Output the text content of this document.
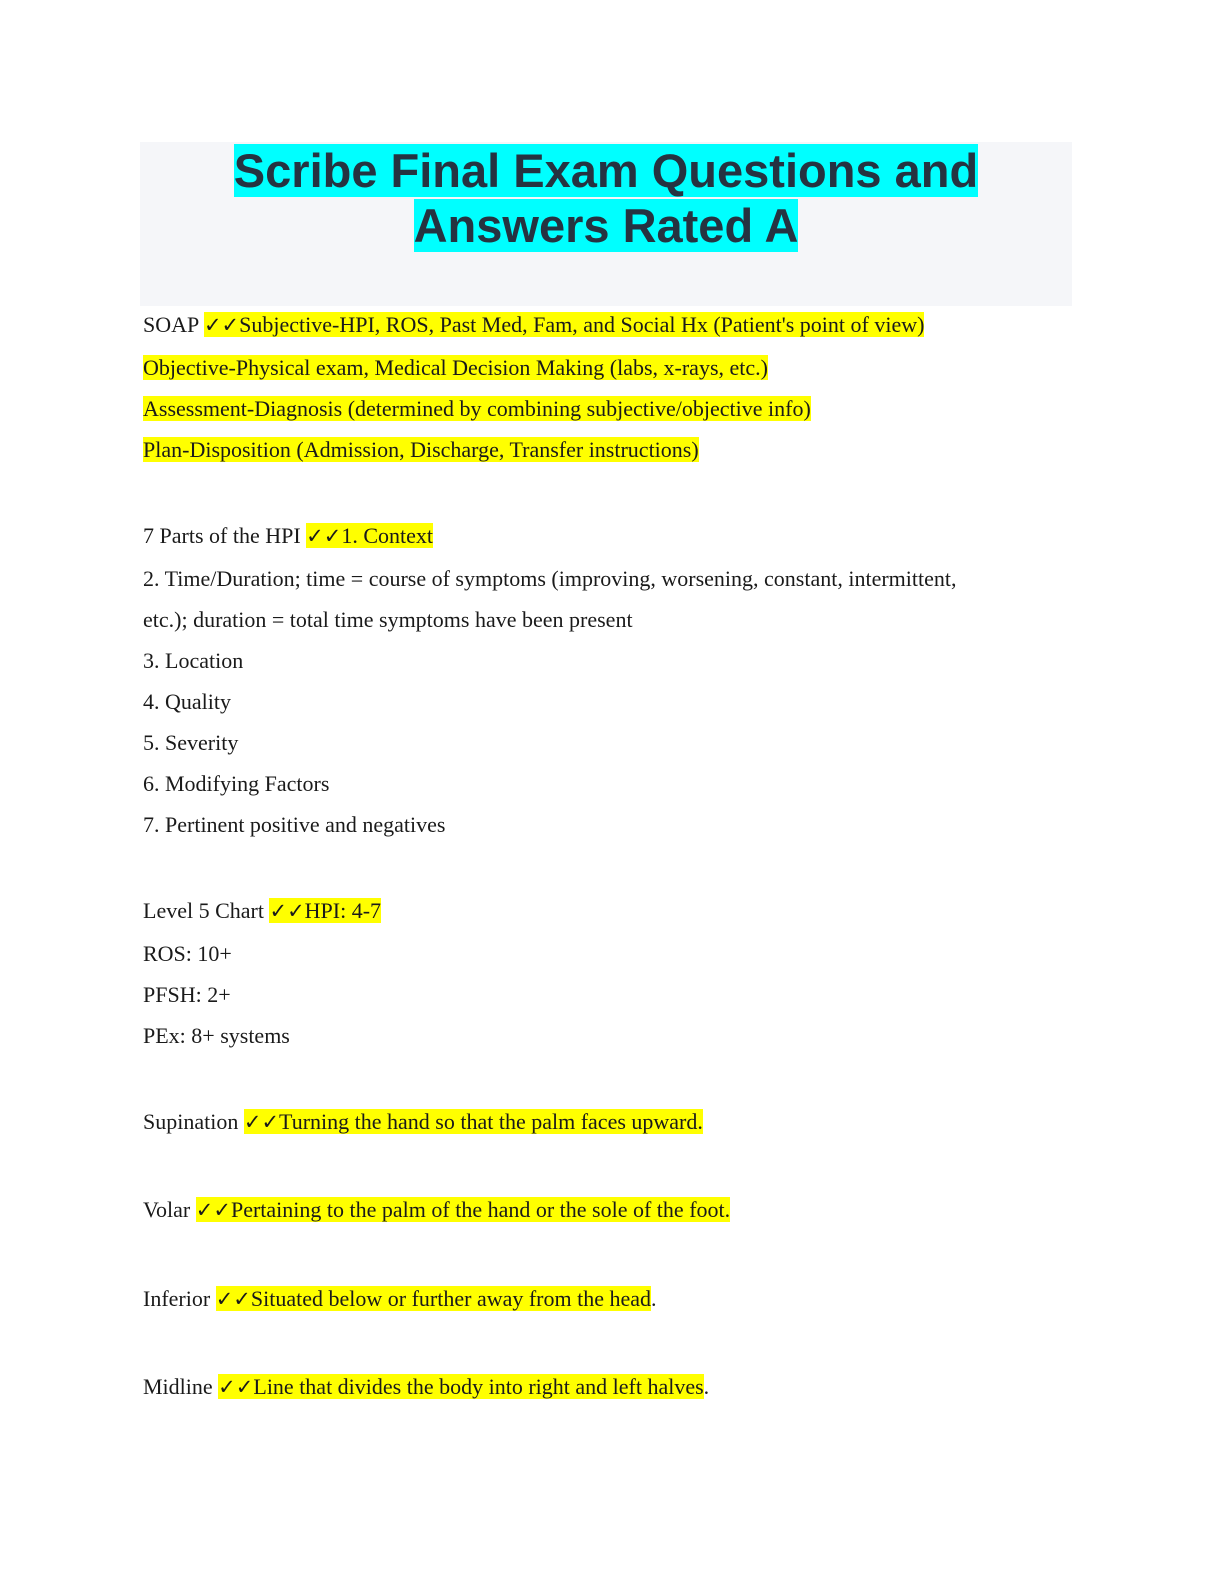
Scribe Final Exam Questions and
Answers Rated A
SOAP ✓✓Subjective-HPI, ROS, Past Med, Fam, and Social Hx (Patient's point of view)
Objective-Physical exam, Medical Decision Making (labs, x-rays, etc.)
Assessment-Diagnosis (determined by combining subjective/objective info)
Plan-Disposition (Admission, Discharge, Transfer instructions)
7 Parts of the HPI ✓✓1. Context
2. Time/Duration; time = course of symptoms (improving, worsening, constant, intermittent,
etc.); duration = total time symptoms have been present
3. Location
4. Quality
5. Severity
6. Modifying Factors
7. Pertinent positive and negatives
Level 5 Chart ✓✓HPI: 4-7
ROS: 10+
PFSH: 2+
PEx: 8+ systems
Supination ✓✓Turning the hand so that the palm faces upward.
Volar ✓✓Pertaining to the palm of the hand or the sole of the foot.
Inferior ✓✓Situated below or further away from the head.
Midline ✓✓Line that divides the body into right and left halves.
